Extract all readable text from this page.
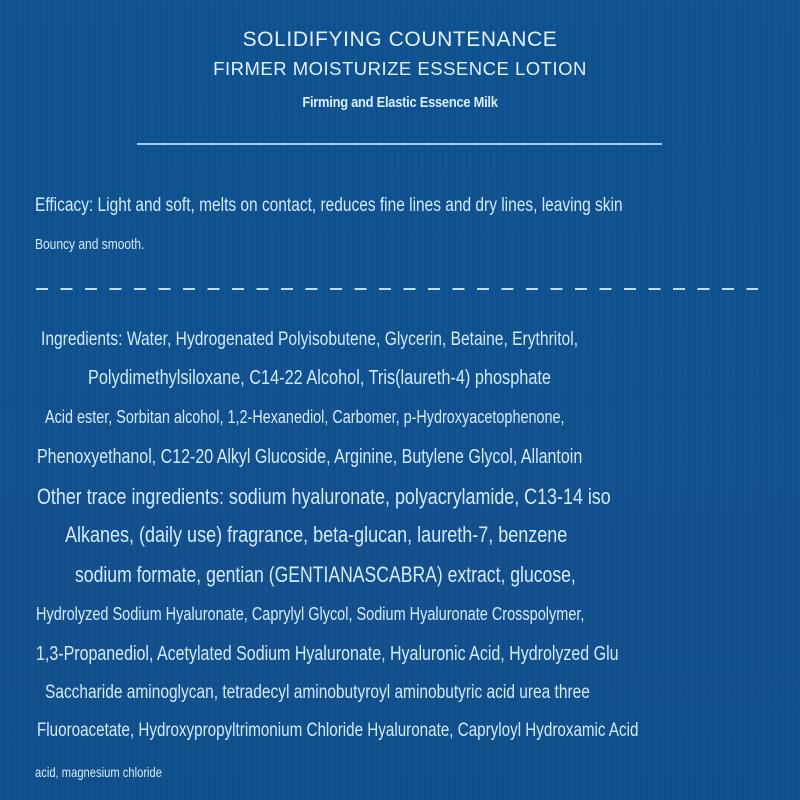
SOLIDIFYING COUNTENANCE
FIRMER MOISTURIZE ESSENCE LOTION
Firming and Elastic Essence Milk
Efficacy: Light and soft, melts on contact, reduces fine lines and dry lines, leaving skin
Bouncy and smooth.
Ingredients: Water, Hydrogenated Polyisobutene, Glycerin, Betaine, Erythritol,
Polydimethylsiloxane, C14-22 Alcohol, Tris(laureth-4) phosphate
Acid ester, Sorbitan alcohol, 1,2-Hexanediol, Carbomer, p-Hydroxyacetophenone,
Phenoxyethanol, C12-20 Alkyl Glucoside, Arginine, Butylene Glycol, Allantoin
Other trace ingredients: sodium hyaluronate, polyacrylamide, C13-14 iso
Alkanes, (daily use) fragrance, beta-glucan, laureth-7, benzene
sodium formate, gentian (GENTIANASCABRA) extract, glucose,
Hydrolyzed Sodium Hyaluronate, Caprylyl Glycol, Sodium Hyaluronate Crosspolymer,
1,3-Propanediol, Acetylated Sodium Hyaluronate, Hyaluronic Acid, Hydrolyzed Glu
Saccharide aminoglycan, tetradecyl aminobutyroyl aminobutyric acid urea three
Fluoroacetate, Hydroxypropyltrimonium Chloride Hyaluronate, Capryloyl Hydroxamic Acid
acid, magnesium chloride
